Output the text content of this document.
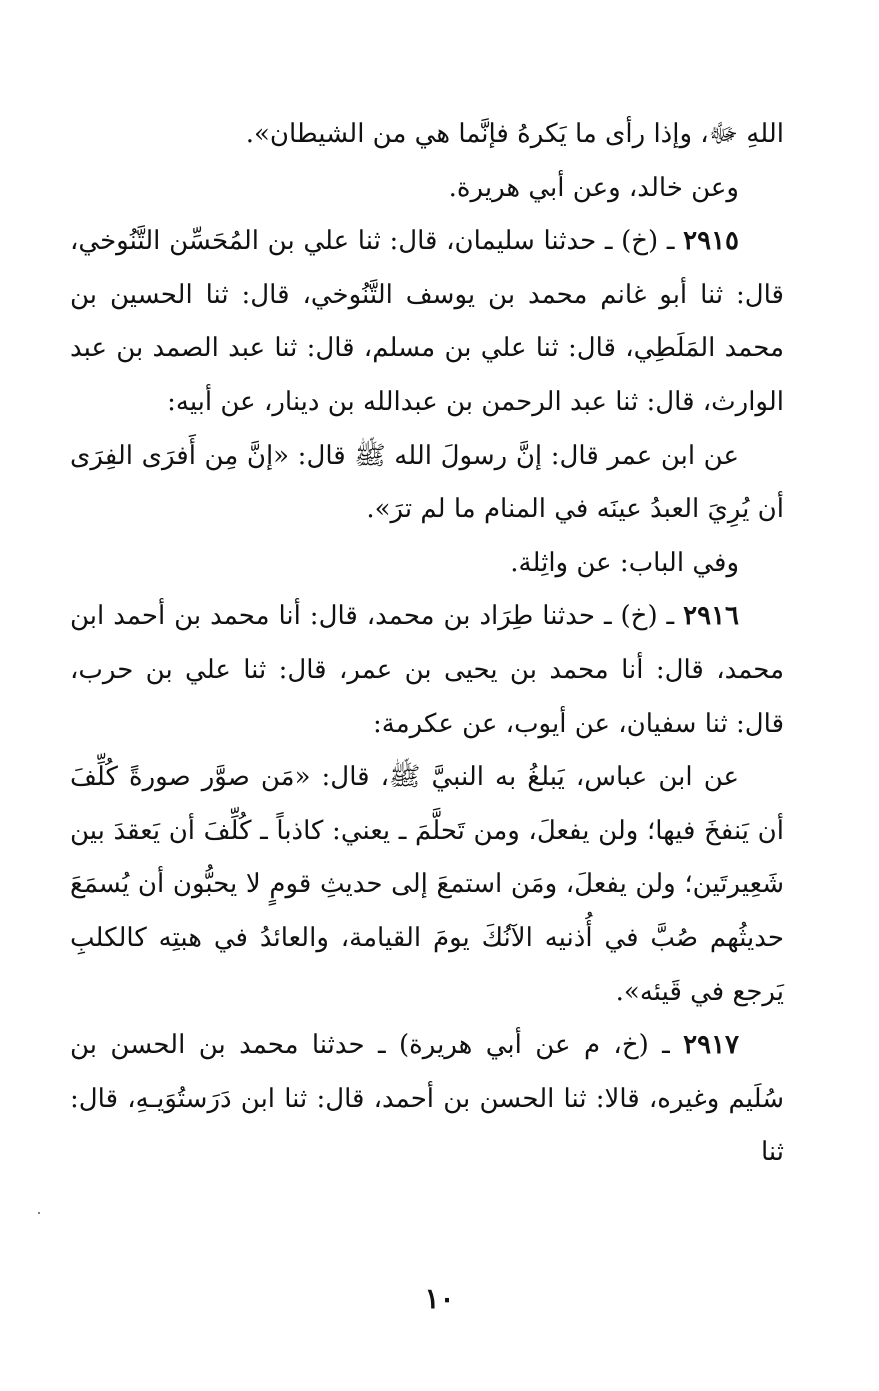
اللهِ ﷻ، وإذا رأى ما يَكرهُ فإنَّما هي من الشيطان».

وعن خالد، وعن أبي هريرة.

٢٩١٥ ـ (خ) ـ حدثنا سليمان، قال: ثنا علي بن المُحَسِّن التَّنُوخي، قال: ثنا أبو غانم محمد بن يوسف التَّنُوخي، قال: ثنا الحسين بن محمد المَلَطِي، قال: ثنا علي بن مسلم، قال: ثنا عبد الصمد بن عبد الوارث، قال: ثنا عبد الرحمن بن عبدالله بن دينار، عن أبيه:

عن ابن عمر قال: إنَّ رسولَ الله ﷺ قال: «إنَّ مِن أَفرَى الفِرَى أن يُرِيَ العبدُ عينَه في المنام ما لم ترَ».

وفي الباب: عن واثِلة.

٢٩١٦ ـ (خ) ـ حدثنا طِرَاد بن محمد، قال: أنا محمد بن أحمد ابن محمد، قال: أنا محمد بن يحيى بن عمر، قال: ثنا علي بن حرب، قال: ثنا سفيان، عن أيوب، عن عكرمة:

عن ابن عباس، يَبلغُ به النبيَّ ﷺ، قال: «مَن صوَّر صورةً كُلِّفَ أن يَنفخَ فيها؛ ولن يفعلَ، ومن تَحلَّمَ ـ يعني: كاذباً ـ كُلِّفَ أن يَعقدَ بين شَعِيرتَين؛ ولن يفعلَ، ومَن استمعَ إلى حديثِ قومٍ لا يحبُّون أن يُسمَعَ حديثُهم صُبَّ في أُذنيه الآنُكَ يومَ القيامة، والعائدُ في هبتِه كالكلبِ يَرجع في قَيئه».

٢٩١٧ ـ (خ، م عن أبي هريرة) ـ حدثنا محمد بن الحسن بن سُلَيم وغيره، قالا: ثنا الحسن بن أحمد، قال: ثنا ابن دَرَستُوَيـهِ، قال: ثنا

١٠
